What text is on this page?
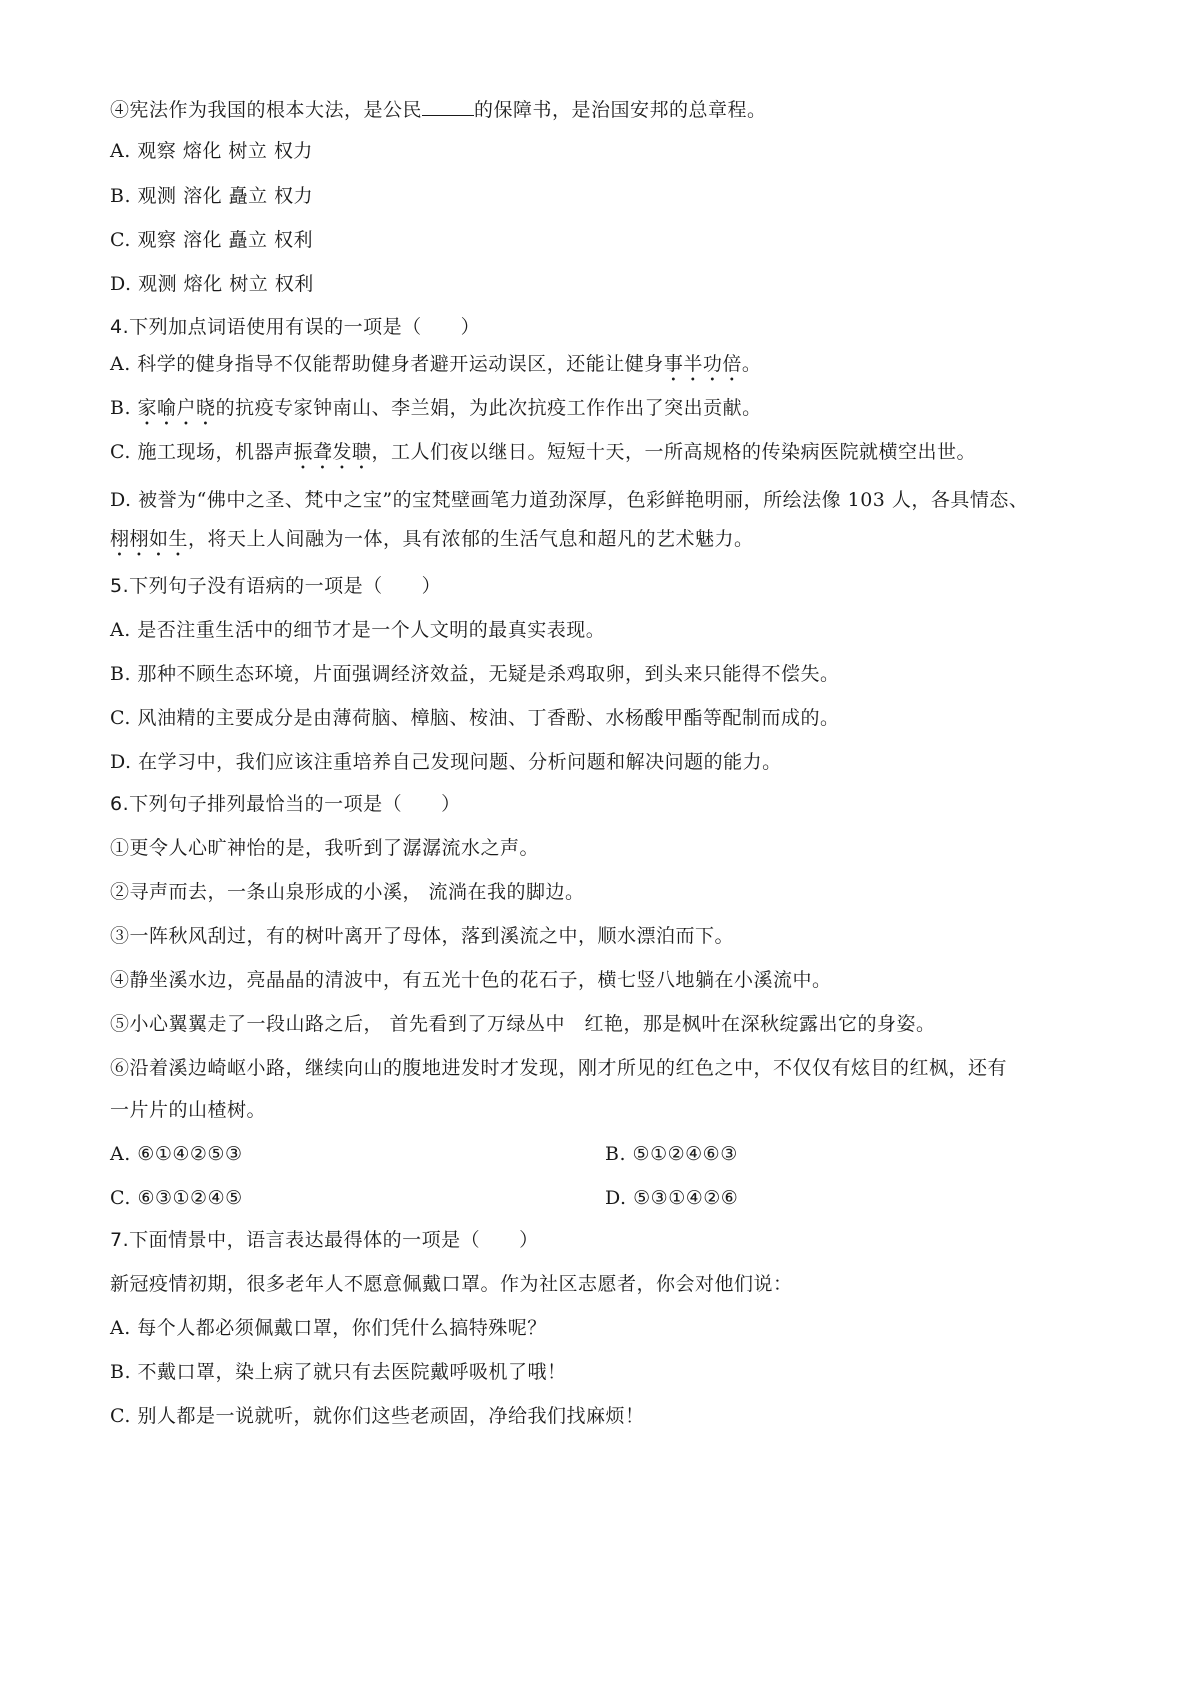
④宪法作为我国的根本大法，是公民	的保障书，是治国安邦的总章程。
A. 观察 熔化 树立 权力
B. 观测 溶化 矗立 权力
C. 观察 溶化 矗立 权利
D. 观测 熔化 树立 权利
4.下列加点词语使用有误的一项是（　　）
A. 科学的健身指导不仅能帮助健身者避开运动误区，还能让健身事半功倍。
B. 家喻户晓的抗疫专家钟南山、李兰娟，为此次抗疫工作作出了突出贡献。
C. 施工现场，机器声振聋发聩，工人们夜以继日。短短十天，一所高规格的传染病医院就横空出世。
D. 被誉为“佛中之圣、梵中之宝”的宝梵壁画笔力道劲深厚，色彩鲜艳明丽，所绘法像 103 人，各具情态、
栩栩如生，将天上人间融为一体，具有浓郁的生活气息和超凡的艺术魅力。
5.下列句子没有语病的一项是（　　）
A. 是否注重生活中的细节才是一个人文明的最真实表现。
B. 那种不顾生态环境，片面强调经济效益，无疑是杀鸡取卵，到头来只能得不偿失。
C. 风油精的主要成分是由薄荷脑、樟脑、桉油、丁香酚、水杨酸甲酯等配制而成的。
D. 在学习中，我们应该注重培养自己发现问题、分析问题和解决问题的能力。
6.下列句子排列最恰当的一项是（　　）
①更令人心旷神怡的是，我听到了潺潺流水之声。
②寻声而去，一条山泉形成的小溪， 流淌在我的脚边。
③一阵秋风刮过，有的树叶离开了母体，落到溪流之中，顺水漂泊而下。
④静坐溪水边，亮晶晶的清波中，有五光十色的花石子，横七竖八地躺在小溪流中。
⑤小心翼翼走了一段山路之后， 首先看到了万绿丛中　红艳，那是枫叶在深秋绽露出它的身姿。
⑥沿着溪边崎岖小路，继续向山的腹地进发时才发现，刚才所见的红色之中，不仅仅有炫目的红枫，还有
一片片的山楂树。
A. ⑥①④②⑤③	B. ⑤①②④⑥③
C. ⑥③①②④⑤	D. ⑤③①④②⑥
7.下面情景中，语言表达最得体的一项是（　　）
新冠疫情初期，很多老年人不愿意佩戴口罩。作为社区志愿者，你会对他们说：
A. 每个人都必须佩戴口罩，你们凭什么搞特殊呢？
B. 不戴口罩，染上病了就只有去医院戴呼吸机了哦！
C. 别人都是一说就听，就你们这些老顽固，净给我们找麻烦！
